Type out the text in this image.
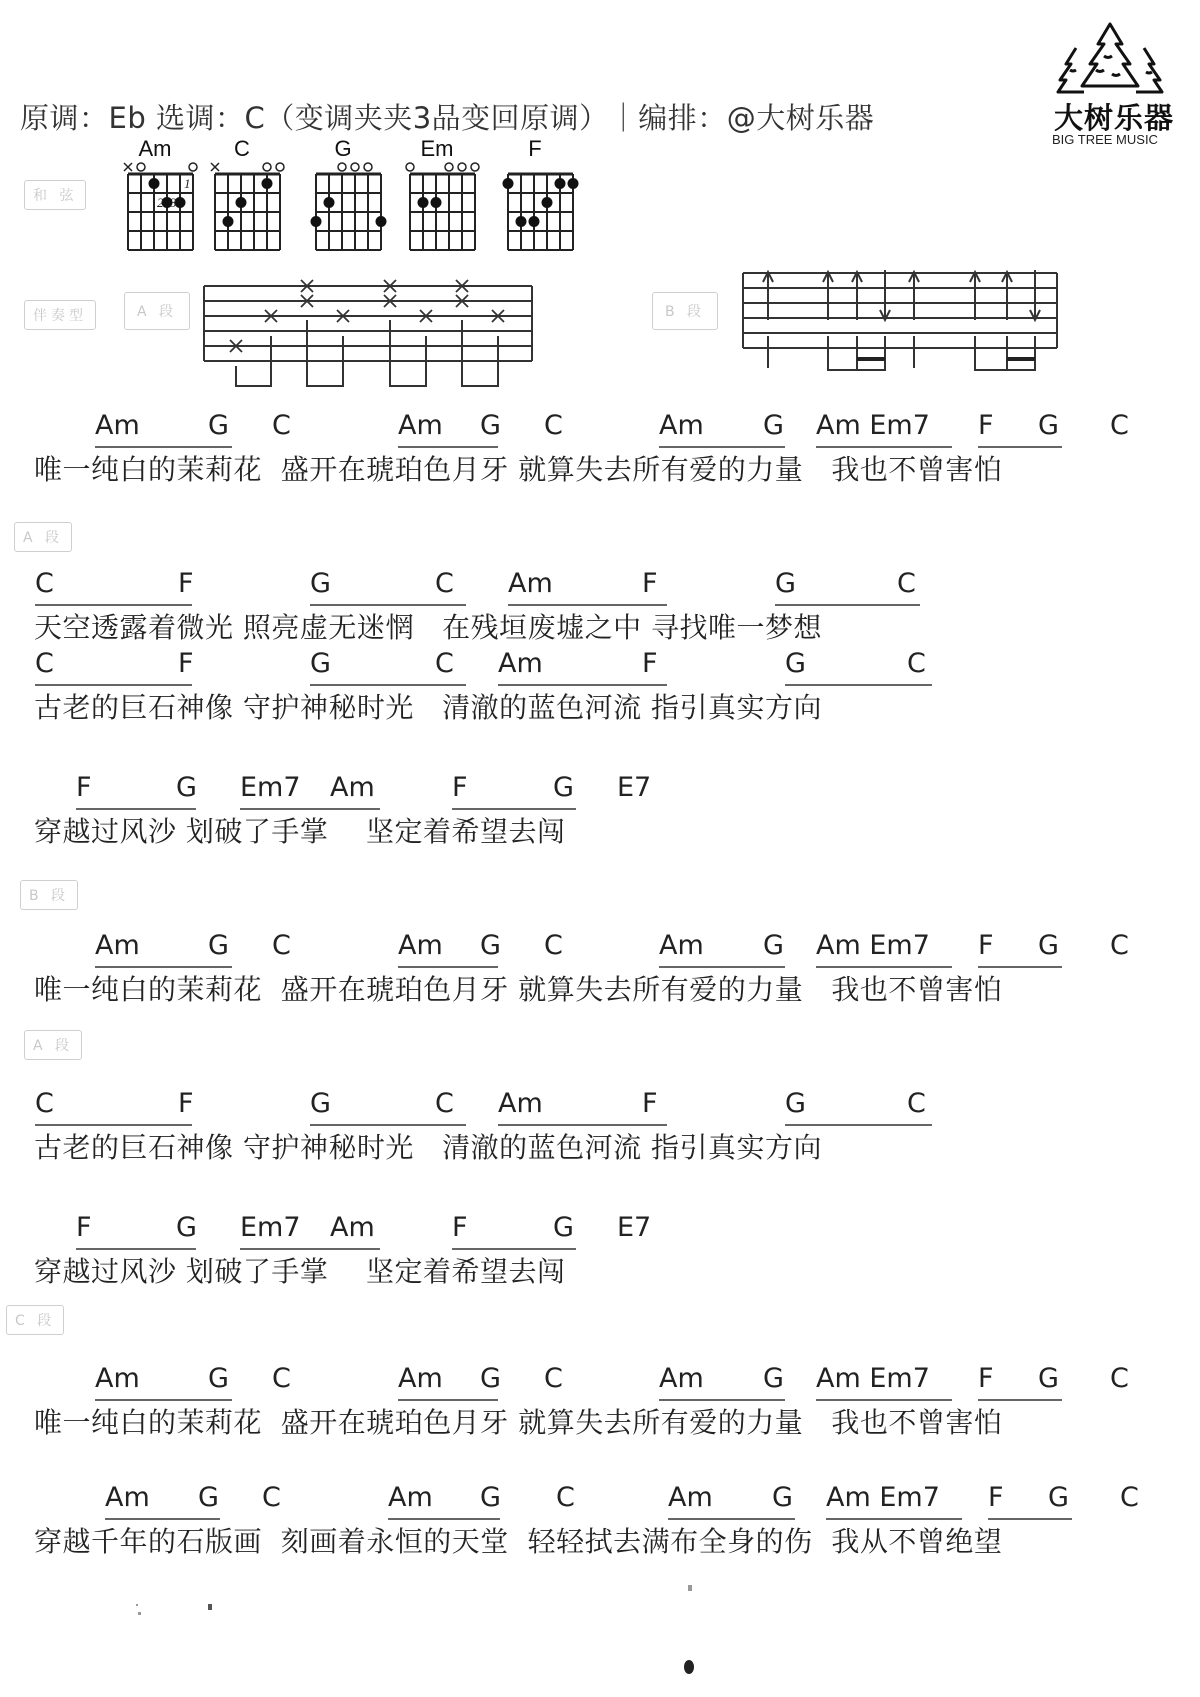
原调：Eb 选调：C（变调夹夹3品变回原调）｜编排：@大树乐器	大树乐器
BIG TREE MUSIC
和 弦
Am
1
2 3
C	G	Em	F
伴奏型	A 段	B 段
A 段
B 段
A 段
C 段
Am	G C	Am G C	Am G Am Em7 F G C
唯一纯白的茉莉花  盛开在琥珀色月牙 就算失去所有爱的力量   我也不曾害怕
C	F	G	C Am	F	G	C
天空透露着微光 照亮虚无迷惘   在残垣废墟之中 寻找唯一梦想
C	F	G	C Am	F	G	C
古老的巨石神像 守护神秘时光   清澈的蓝色河流 指引真实方向
F	G Em7 Am	F	G E7
穿越过风沙 划破了手掌    坚定着希望去闯
Am	G C	Am G C	Am G Am Em7 F G C
唯一纯白的茉莉花  盛开在琥珀色月牙 就算失去所有爱的力量   我也不曾害怕
C	F	G	C Am	F	G	C
古老的巨石神像 守护神秘时光   清澈的蓝色河流 指引真实方向
F	G Em7 Am	F	G E7
穿越过风沙 划破了手掌    坚定着希望去闯
Am	G C	Am G C	Am G Am Em7 F G C
唯一纯白的茉莉花  盛开在琥珀色月牙 就算失去所有爱的力量   我也不曾害怕
Am G C	Am G C	Am G Am Em7 F G C
穿越千年的石版画  刻画着永恒的天堂  轻轻拭去满布全身的伤  我从不曾绝望
